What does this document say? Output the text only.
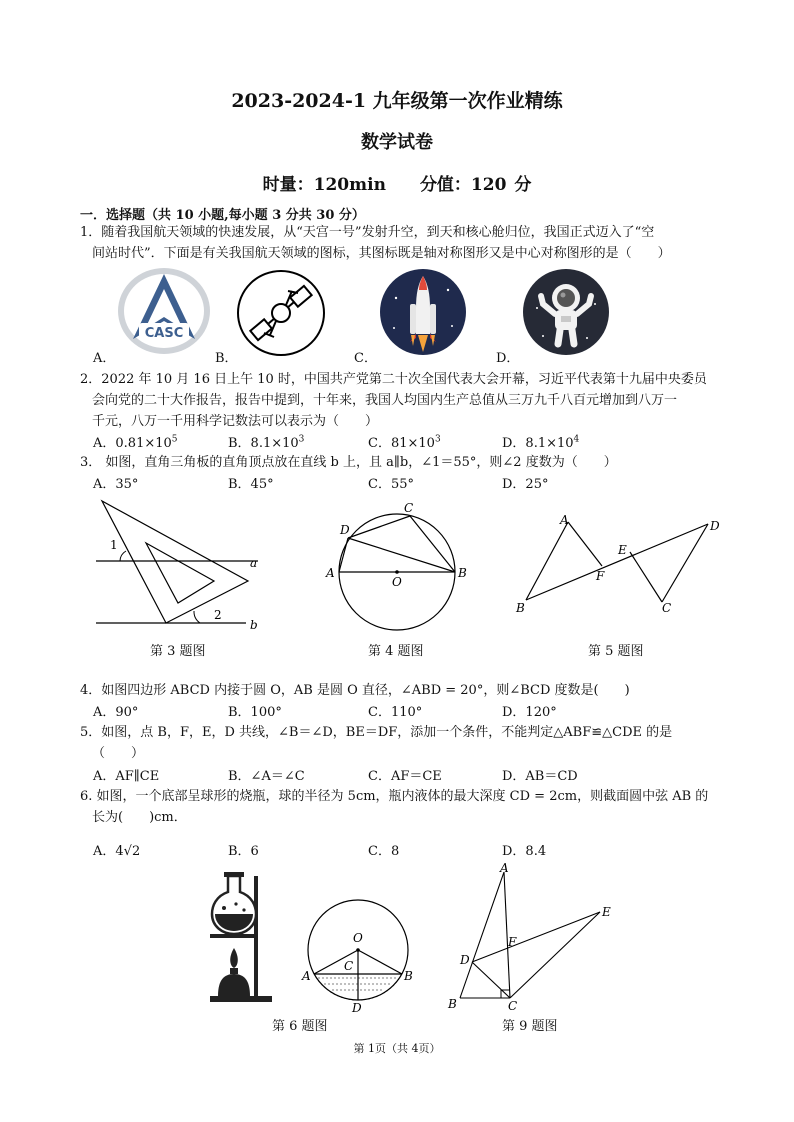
2023-2024-1 九年级第一次作业精练
数学试卷
时量：120min 分值：120 分
一．选择题（共 10 小题,每小题 3 分共 30 分）
1．随着我国航天领域的快速发展，从“天宫一号”发射升空，到天和核心舱归位，我国正式迈入了“空
间站时代”．下面是有关我国航天领域的图标，其图标既是轴对称图形又是中心对称图形的是（　　）
CASC
A．	B．	C．	D．
2．2022 年 10 月 16 日上午 10 时，中国共产党第二十次全国代表大会开幕，习近平代表第十九届中央委员
会向党的二十大作报告，报告中提到，十年来，我国人均国内生产总值从三万九千八百元增加到八万一
千元，八万一千用科学记数法可以表示为（　　）
A．$0.81\times 10^5$	B．$8.1\times 10^3$	C．$81\times 10^3$	D．$8.1\times 10^4$
3． 如图，直角三角板的直角顶点放在直线 b 上，且 a∥b，∠1＝55°，则∠2 度数为（　　）
A．35°	B．45°	C．55°	D．25°
1
2
a
b
第 3 题图
A	B
C
D
O
第 4 题图
B
A
C
D
E
F
第 5 题图
4．如图四边形 ABCD 内接于圆 O，AB 是圆 O 直径，∠ABD = 20°，则∠BCD 度数是(　　)
A．90°	B．100°	C．110°	D．120°
5．如图，点 B，F，E，D 共线，∠B＝∠D，BE＝DF，添加一个条件，不能判定△ABF≌△CDE 的是
（　　）
A．AF∥CE	B．∠A＝∠C	C．AF＝CE	D．AB＝CD
6. 如图，一个底部呈球形的烧瓶，球的半径为 5cm，瓶内液体的最大深度 CD = 2cm，则截面圆中弦 AB 的
长为(　　)cm．
A．4√2	B．6	C．8	D．8.4
O
A	B
C
D
第 6 题图
A
B	C
D
E
F
第 9 题图
第 1页（共 4页）
